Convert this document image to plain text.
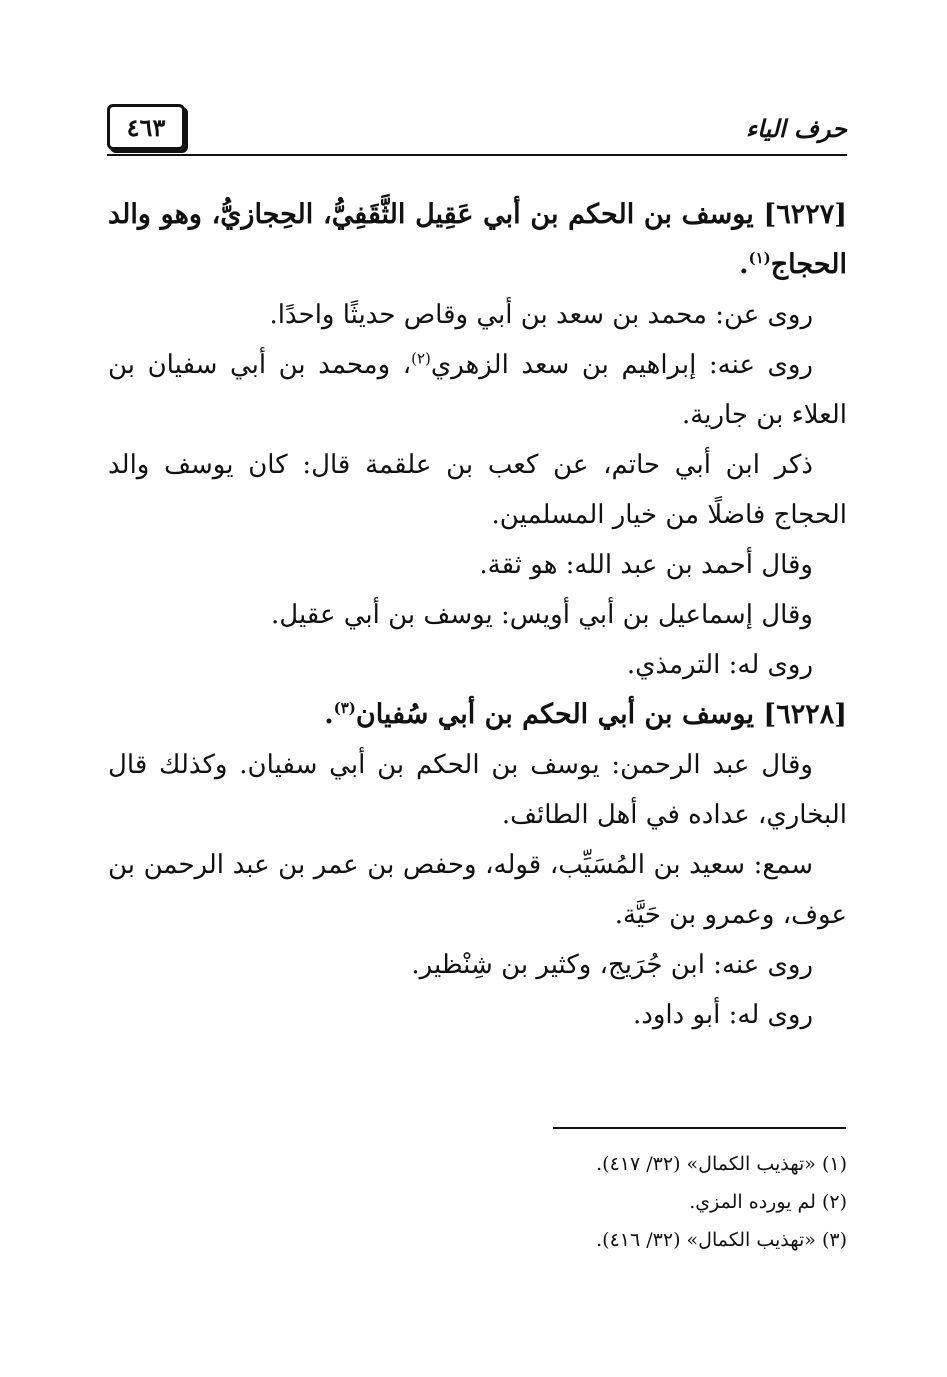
حرف الياء
٤٦٣

[٦٢٢٧] يوسف بن الحكم بن أبي عَقِيل الثَّقَفِيُّ، الحِجازيُّ، وهو والد الحجاج$^{(١)}$.

روى عن: محمد بن سعد بن أبي وقاص حديثًا واحدًا.

روى عنه: إبراهيم بن سعد الزهري$^{(٢)}$، ومحمد بن أبي سفيان بن العلاء بن جارية.

ذكر ابن أبي حاتم، عن كعب بن علقمة قال: كان يوسف والد الحجاج فاضلًا من خيار المسلمين.

وقال أحمد بن عبد الله: هو ثقة.

وقال إسماعيل بن أبي أويس: يوسف بن أبي عقيل.

روى له: الترمذي.

[٦٢٢٨] يوسف بن أبي الحكم بن أبي سُفيان$^{(٣)}$.

وقال عبد الرحمن: يوسف بن الحكم بن أبي سفيان. وكذلك قال البخاري، عداده في أهل الطائف.

سمع: سعيد بن المُسَيِّب، قوله، وحفص بن عمر بن عبد الرحمن بن عوف، وعمرو بن حَيَّة.

روى عنه: ابن جُرَيج، وكثير بن شِنْظير.

روى له: أبو داود.

(١) «تهذيب الكمال» (٣٢/ ٤١٧).
(٢) لم يورده المزي.
(٣) «تهذيب الكمال» (٣٢/ ٤١٦).
